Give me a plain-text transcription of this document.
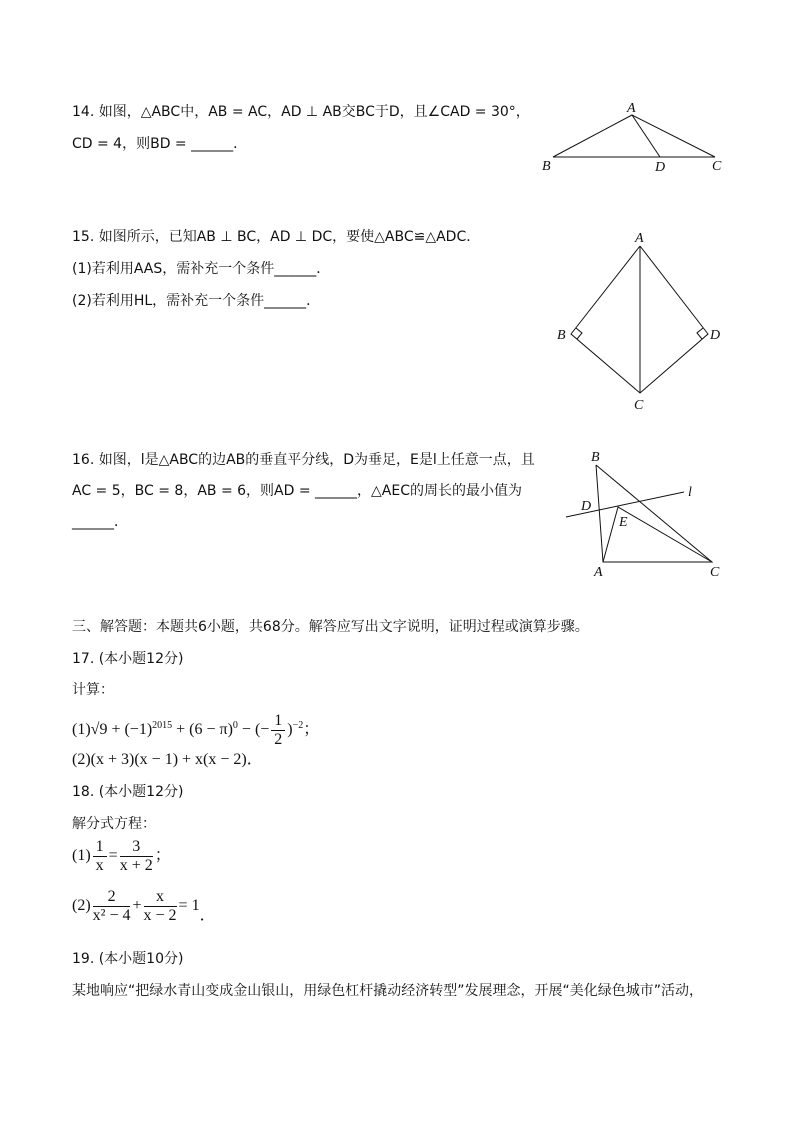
14. 如图，△ABC中，AB = AC，AD ⊥ AB交BC于D，且∠CAD = 30°，
CD = 4，则BD = ______．
15. 如图所示，已知AB ⊥ BC，AD ⊥ DC，要使△ABC≌△ADC．
(1)若利用AAS，需补充一个条件______．
(2)若利用HL，需补充一个条件______．
16. 如图，l是△ABC的边AB的垂直平分线，D为垂足，E是l上任意一点，且
AC = 5，BC = 8，AB = 6，则AD = ______，△AEC的周长的最小值为
______．
三、解答题：本题共6小题，共68分。解答应写出文字说明，证明过程或演算步骤。
17. (本小题12分)
计算：
$(1)√9 + (-1)^{2015} + (6 - \pi)^0$ − (− $\frac{1}{2} )^{-2}$；
(2)(x + 3)(x − 1) + x(x − 2)．
18. (本小题12分)
解分式方程：
$(1) \frac{1}{x} = \frac{3}{x + 2}$ ；
$(2) \frac{2}{\text{x² − 4}} + \frac{x}{x - 2} = 1$．
19. (本小题10分)
某地响应“把绿水青山变成金山银山，用绿色杠杆撬动经济转型”发展理念，开展“美化绿色城市”活动，
A
B	D	C
A
B
C
D
B
D
l
E
A	C
